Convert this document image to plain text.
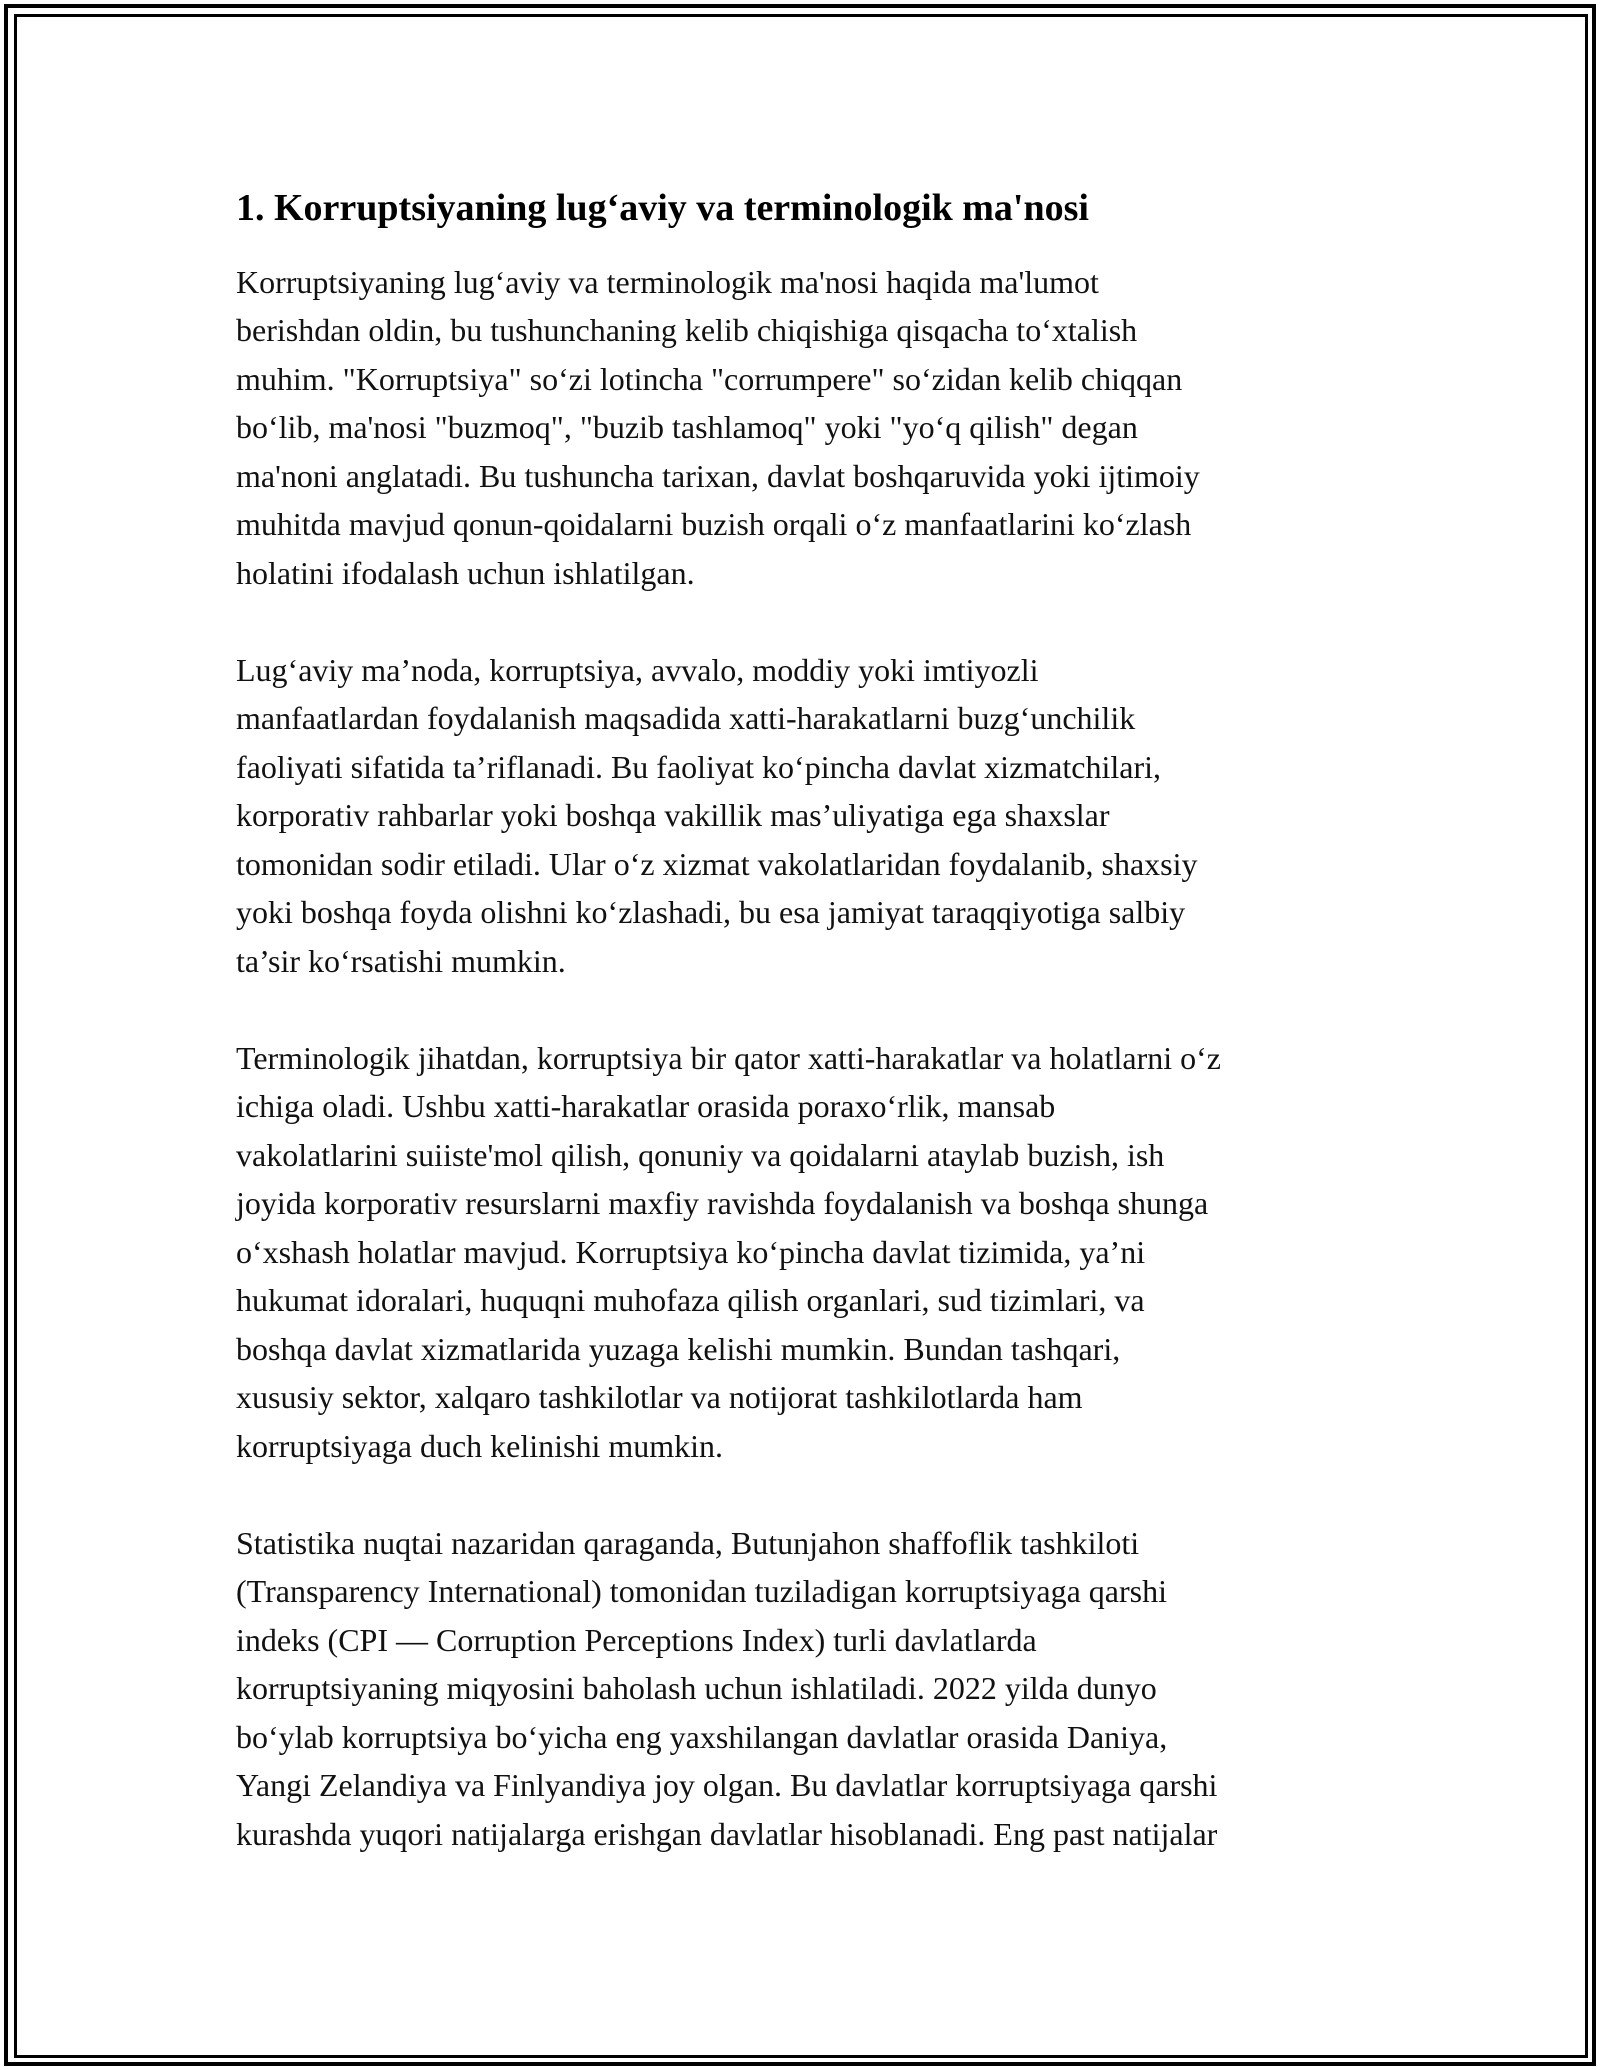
1. Korruptsiyaning lug‘aviy va terminologik ma'nosi

Korruptsiyaning lug‘aviy va terminologik ma'nosi haqida ma'lumot
berishdan oldin, bu tushunchaning kelib chiqishiga qisqacha to‘xtalish
muhim. "Korruptsiya" so‘zi lotincha "corrumpere" so‘zidan kelib chiqqan
bo‘lib, ma'nosi "buzmoq", "buzib tashlamoq" yoki "yo‘q qilish" degan
ma'noni anglatadi. Bu tushuncha tarixan, davlat boshqaruvida yoki ijtimoiy
muhitda mavjud qonun-qoidalarni buzish orqali o‘z manfaatlarini ko‘zlash
holatini ifodalash uchun ishlatilgan.

Lug‘aviy ma’noda, korruptsiya, avvalo, moddiy yoki imtiyozli
manfaatlardan foydalanish maqsadida xatti-harakatlarni buzg‘unchilik
faoliyati sifatida ta’riflanadi. Bu faoliyat ko‘pincha davlat xizmatchilari,
korporativ rahbarlar yoki boshqa vakillik mas’uliyatiga ega shaxslar
tomonidan sodir etiladi. Ular o‘z xizmat vakolatlaridan foydalanib, shaxsiy
yoki boshqa foyda olishni ko‘zlashadi, bu esa jamiyat taraqqiyotiga salbiy
ta’sir ko‘rsatishi mumkin.

Terminologik jihatdan, korruptsiya bir qator xatti-harakatlar va holatlarni o‘z
ichiga oladi. Ushbu xatti-harakatlar orasida poraxo‘rlik, mansab
vakolatlarini suiiste'mol qilish, qonuniy va qoidalarni ataylab buzish, ish
joyida korporativ resurslarni maxfiy ravishda foydalanish va boshqa shunga
o‘xshash holatlar mavjud. Korruptsiya ko‘pincha davlat tizimida, ya’ni
hukumat idoralari, huquqni muhofaza qilish organlari, sud tizimlari, va
boshqa davlat xizmatlarida yuzaga kelishi mumkin. Bundan tashqari,
xususiy sektor, xalqaro tashkilotlar va notijorat tashkilotlarda ham
korruptsiyaga duch kelinishi mumkin.

Statistika nuqtai nazaridan qaraganda, Butunjahon shaffoflik tashkiloti
(Transparency International) tomonidan tuziladigan korruptsiyaga qarshi
indeks (CPI — Corruption Perceptions Index) turli davlatlarda
korruptsiyaning miqyosini baholash uchun ishlatiladi. 2022 yilda dunyo
bo‘ylab korruptsiya bo‘yicha eng yaxshilangan davlatlar orasida Daniya,
Yangi Zelandiya va Finlyandiya joy olgan. Bu davlatlar korruptsiyaga qarshi
kurashda yuqori natijalarga erishgan davlatlar hisoblanadi. Eng past natijalar
